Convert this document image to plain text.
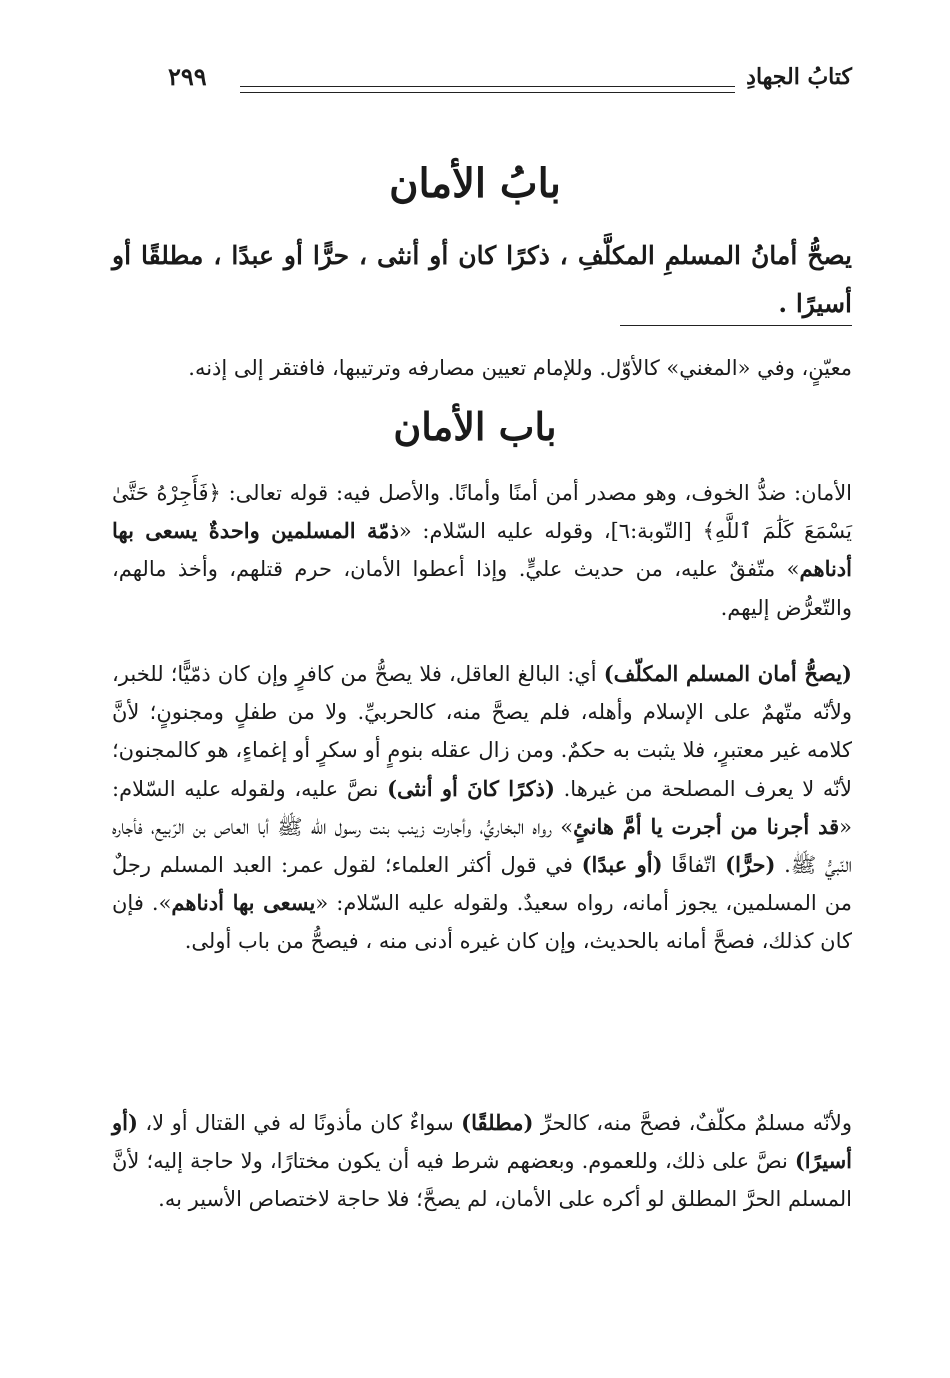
كتابُ الجهادِ
٢٩٩
بابُ الأمان
يصحُّ أمانُ المسلمِ المكلَّفِ ، ذكرًا كان أو أنثى ، حرًّا أو عبدًا ، مطلقًا أو أسيرًا .
معيّنٍ، وفي «المغني» كالأوّل. وللإمام تعيين مصارفه وترتيبها، فافتقر إلى إذنه.
باب الأمان

الأمان: ضدُّ الخوف، وهو مصدر أمن أمنًا وأمانًا. والأصل فيه: قوله تعالى: ﴿فَأَجِرْهُ حَتَّىٰ يَسْمَعَ كَلَٰمَ ٱللَّهِ﴾ [التّوبة:٦]، وقوله عليه السّلام: «ذمّة المسلمين واحدةٌ يسعى بها أدناهم» متّفقٌ عليه، من حديث عليٍّ. وإذا أعطوا الأمان، حرم قتلهم، وأخذ مالهم، والتّعرُّض إليهم.

(يصحُّ أمان المسلم المكلّف) أي: البالغ العاقل، فلا يصحُّ من كافرٍ وإن كان ذمّيًّا؛ للخبر، ولأنّه متّهمٌ على الإسلام وأهله، فلم يصحَّ منه، كالحربيِّ. ولا من طفلٍ ومجنونٍ؛ لأنَّ كلامه غير معتبرٍ، فلا يثبت به حكمٌ. ومن زال عقله بنومٍ أو سكرٍ أو إغماءٍ، هو كالمجنون؛ لأنّه لا يعرف المصلحة من غيرها. (ذكرًا كانَ أو أنثى) نصَّ عليه، ولقوله عليه السّلام: «قد أجرنا من أجرت يا أمَّ هانئٍ» رواه البخاريُّ، وأجارت زينب بنت رسول اللّٰه ﷺ أبا العاص بن الرّبيع، فأجاره النّبيُّ ﷺ. (حرًّا) اتّفاقًا (أو عبدًا) في قول أكثر العلماء؛ لقول عمر: العبد المسلم رجلٌ من المسلمين، يجوز أمانه، رواه سعيدٌ. ولقوله عليه السّلام: «يسعى بها أدناهم». فإن كان كذلك، فصحَّ أمانه بالحديث، وإن كان غيره أدنى منه ، فيصحُّ من باب أولى.

ولأنّه مسلمٌ مكلّفٌ، فصحَّ منه، كالحرِّ (مطلقًا) سواءٌ كان مأذونًا له في القتال أو لا، (أو أسيرًا) نصَّ على ذلك، وللعموم. وبعضهم شرط فيه أن يكون مختارًا، ولا حاجة إليه؛ لأنَّ المسلم الحرَّ المطلق لو أكره على الأمان، لم يصحَّ؛ فلا حاجة لاختصاص الأسير به.
